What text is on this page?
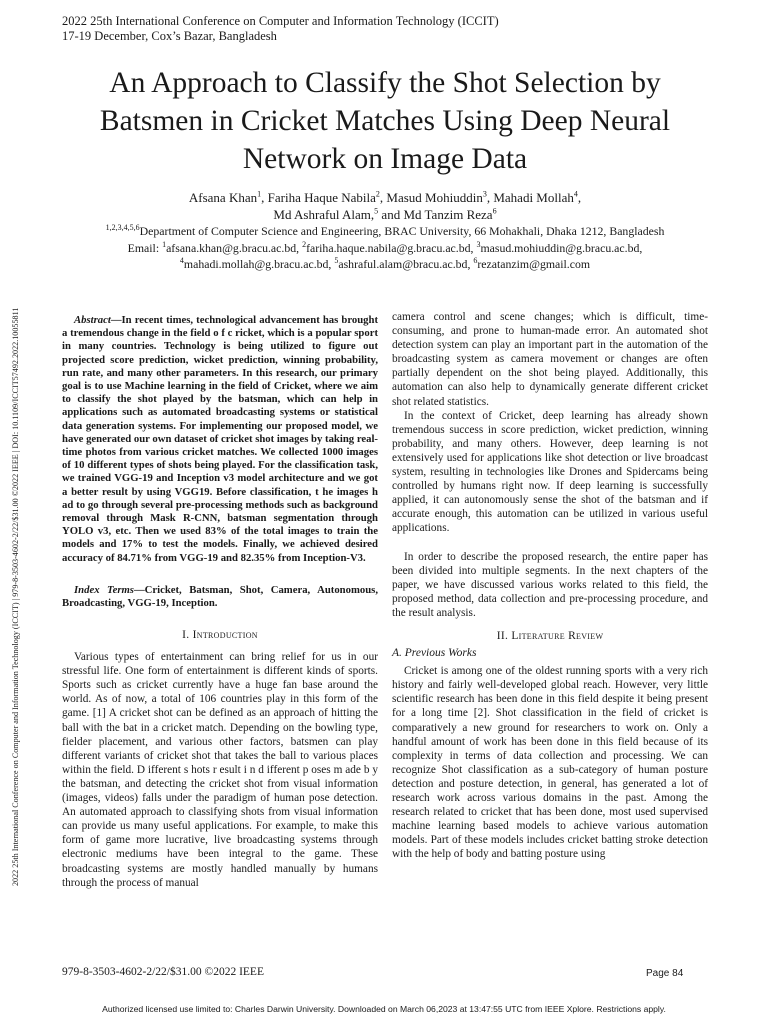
2022 25th International Conference on Computer and Information Technology (ICCIT)
17-19 December, Cox’s Bazar, Bangladesh
2022 25th International Conference on Computer and Information Technology (ICCIT) | 979-8-3503-4602-2/22/$31.00 ©2022 IEEE | DOI: 10.1109/ICCIT57492.2022.10055811
An Approach to Classify the Shot Selection by
Batsmen in Cricket Matches Using Deep Neural
Network on Image Data
Afsana Khan$^1$, Fariha Haque Nabila$^2$, Masud Mohiuddin$^3$, Mahadi Mollah$^4$,
Md Ashraful Alam,$^5$ and Md Tanzim Reza$^6$
$^{1,2,3,4,5,6}$Department of Computer Science and Engineering, BRAC University, 66 Mohakhali, Dhaka 1212, Bangladesh
Email: $^1$afsana.khan@g.bracu.ac.bd, $^2$fariha.haque.nabila@g.bracu.ac.bd, $^3$masud.mohiuddin@g.bracu.ac.bd,
$^4$mahadi.mollah@g.bracu.ac.bd, $^5$ashraful.alam@bracu.ac.bd, $^6$rezatanzim@gmail.com

Abstract—In recent times, technological advancement has brought a tremendous change in the field o f c ricket, which is a popular sport in many countries. Technology is being utilized to figure out projected score prediction, wicket prediction, winning probability, run rate, and many other parameters. In this research, our primary goal is to use Machine learning in the field of Cricket, where we aim to classify the shot played by the batsman, which can help in applications such as automated broadcasting systems or statistical data generation systems. For implementing our proposed model, we have generated our own dataset of cricket shot images by taking real-time photos from various cricket matches. We collected 1000 images of 10 different types of shots being played. For the classification task, we trained VGG-19 and Inception v3 model architecture and we got a better result by using VGG19. Before classification, t he images h ad to go through several pre-processing methods such as background removal through Mask R-CNN, batsman segmentation through YOLO v3, etc. Then we used 83% of the total images to train the models and 17% to test the models. Finally, we achieved desired accuracy of 84.71% from VGG-19 and 82.35% from Inception-V3.

Index Terms—Cricket, Batsman, Shot, Camera, Autonomous, Broadcasting, VGG-19, Inception.

I. Introduction

Various types of entertainment can bring relief for us in our stressful life. One form of entertainment is different kinds of sports. Sports such as cricket currently have a huge fan base around the world. As of now, a total of 106 countries play in this form of the game. [1] A cricket shot can be defined as an approach of hitting the ball with the bat in a cricket match. Depending on the bowling type, fielder placement, and various other factors, batsmen can play different variants of cricket shot that takes the ball to various places within the field. D ifferent s hots r esult i n d ifferent p oses m ade b y the batsman, and detecting the cricket shot from visual information (images, videos) falls under the paradigm of human pose detection. An automated approach to classifying shots from visual information can provide us many useful applications. For example, to make this form of game more lucrative, live broadcasting systems through electronic mediums have been integral to the game. These broadcasting systems are mostly handled manually by humans through the process of manual

camera control and scene changes; which is difficult, time-consuming, and prone to human-made error. An automated shot detection system can play an important part in the automation of the broadcasting system as camera movement or changes are often partially dependent on the shot being played. Additionally, this automation can also help to dynamically generate different cricket shot related statistics.

In the context of Cricket, deep learning has already shown tremendous success in score prediction, wicket prediction, winning probability, and many others. However, deep learning is not extensively used for applications like shot detection or live broadcast system, resulting in technologies like Drones and Spidercams being controlled by humans right now. If deep learning is successfully applied, it can autonomously sense the shot of the batsman and if accurate enough, this automation can be utilized in various useful applications.

In order to describe the proposed research, the entire paper has been divided into multiple segments. In the next chapters of the paper, we have discussed various works related to this field, the proposed method, data collection and pre-processing procedure, and the result analysis.

II. Literature Review
A. Previous Works

Cricket is among one of the oldest running sports with a very rich history and fairly well-developed global reach. However, very little scientific research has been done in this field despite it being present for a long time [2]. Shot classification in the field of cricket is comparatively a new ground for researchers to work on. Only a handful amount of work has been done in this field because of its complexity in terms of data collection and processing. We can recognize Shot classification as a sub-category of human posture detection and posture detection, in general, has generated a lot of research work across various domains in the past. Among the research related to cricket that has been done, most used supervised machine learning based models to achieve various automation models. Part of these models includes cricket batting stroke detection with the help of body and batting posture using

979-8-3503-4602-2/22/$31.00 ©2022 IEEE	Page 84
Authorized licensed use limited to: Charles Darwin University. Downloaded on March 06,2023 at 13:47:55 UTC from IEEE Xplore. Restrictions apply.
